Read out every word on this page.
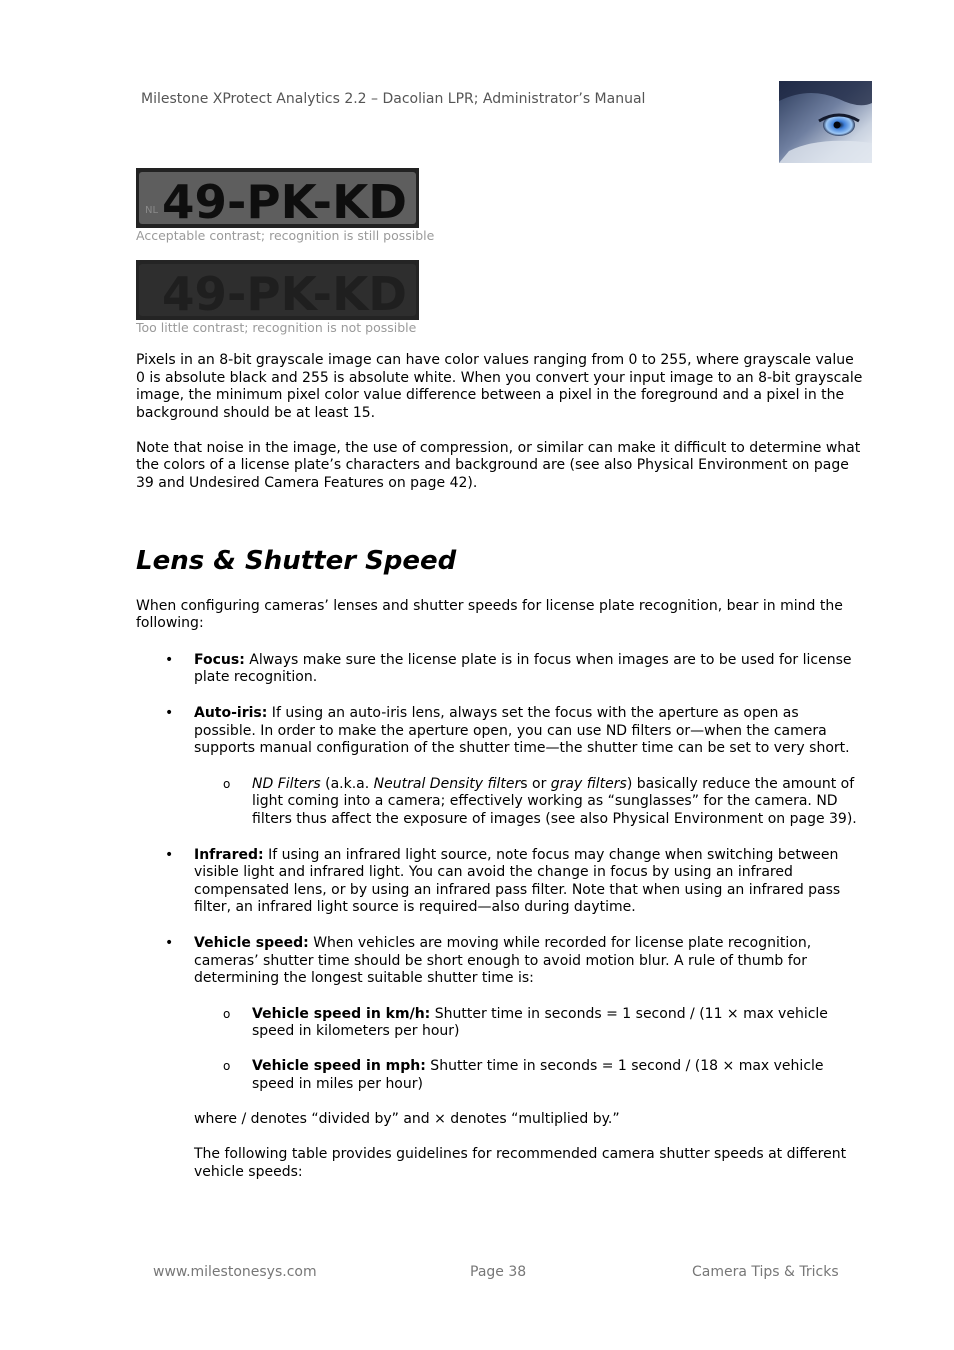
Milestone XProtect Analytics 2.2 – Dacolian LPR; Administrator’s Manual
NL 49-PK-KD
Acceptable contrast; recognition is still possible
49-PK-KD
Too little contrast; recognition is not possible

Pixels in an 8-bit grayscale image can have color values ranging from 0 to 255, where grayscale value 0 is absolute black and 255 is absolute white. When you convert your input image to an 8-bit grayscale image, the minimum pixel color value difference between a pixel in the foreground and a pixel in the background should be at least 15.

Note that noise in the image, the use of compression, or similar can make it difficult to determine what the colors of a license plate’s characters and background are (see also Physical Environment on page 39 and Undesired Camera Features on page 42).

Lens & Shutter Speed

When configuring cameras’ lenses and shutter speeds for license plate recognition, bear in mind the following:

• Focus: Always make sure the license plate is in focus when images are to be used for license plate recognition.
• Auto-iris: If using an auto-iris lens, always set the focus with the aperture as open as possible. In order to make the aperture open, you can use ND filters or—when the camera supports manual configuration of the shutter time—the shutter time can be set to very short.
o ND Filters (a.k.a. Neutral Density filters or gray filters) basically reduce the amount of light coming into a camera; effectively working as “sunglasses” for the camera. ND filters thus affect the exposure of images (see also Physical Environment on page 39).
• Infrared: If using an infrared light source, note focus may change when switching between visible light and infrared light. You can avoid the change in focus by using an infrared compensated lens, or by using an infrared pass filter. Note that when using an infrared pass filter, an infrared light source is required—also during daytime.
• Vehicle speed: When vehicles are moving while recorded for license plate recognition, cameras’ shutter time should be short enough to avoid motion blur. A rule of thumb for determining the longest suitable shutter time is:
o Vehicle speed in km/h: Shutter time in seconds = 1 second / (11 × max vehicle speed in kilometers per hour)
o Vehicle speed in mph: Shutter time in seconds = 1 second / (18 × max vehicle speed in miles per hour)

where / denotes “divided by” and × denotes “multiplied by.”

The following table provides guidelines for recommended camera shutter speeds at different vehicle speeds:

www.milestonesys.com	Page 38	Camera Tips & Tricks
